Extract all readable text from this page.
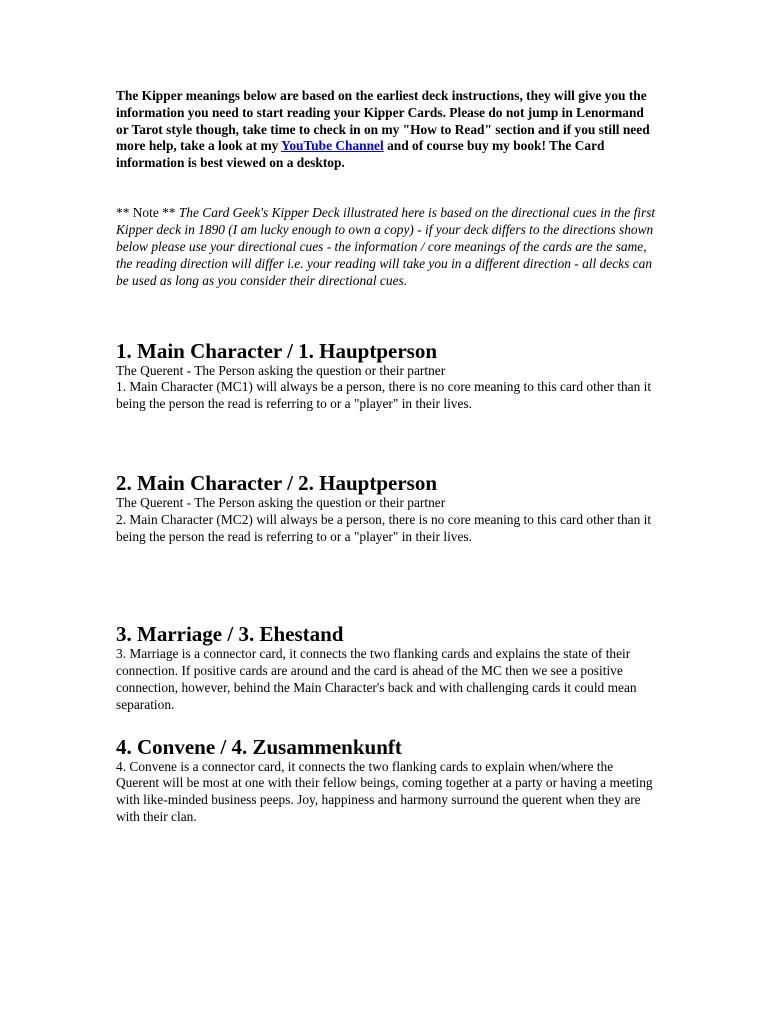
The Kipper meanings below are based on the earliest deck instructions, they will give you the information you need to start reading your Kipper Cards. Please do not jump in Lenormand or Tarot style though, take time to check in on my "How to Read" section and if you still need more help, take a look at my YouTube Channel and of course buy my book! The Card information is best viewed on a desktop.

** Note ** The Card Geek's Kipper Deck illustrated here is based on the directional cues in the first Kipper deck in 1890 (I am lucky enough to own a copy) - if your deck differs to the directions shown below please use your directional cues - the information / core meanings of the cards are the same, the reading direction will differ i.e. your reading will take you in a different direction - all decks can be used as long as you consider their directional cues.

1. Main Character / 1. Hauptperson

The Querent - The Person asking the question or their partner

1. Main Character (MC1) will always be a person, there is no core meaning to this card other than it being the person the read is referring to or a "player" in their lives.

2. Main Character / 2. Hauptperson

The Querent - The Person asking the question or their partner

2. Main Character (MC2) will always be a person, there is no core meaning to this card other than it being the person the read is referring to or a "player" in their lives.

3. Marriage / 3. Ehestand

3. Marriage is a connector card, it connects the two flanking cards and explains the state of their connection. If positive cards are around and the card is ahead of the MC then we see a positive connection, however, behind the Main Character's back and with challenging cards it could mean separation.

4. Convene / 4. Zusammenkunft

4. Convene is a connector card, it connects the two flanking cards to explain when/where the Querent will be most at one with their fellow beings, coming together at a party or having a meeting with like-minded business peeps. Joy, happiness and harmony surround the querent when they are with their clan.
